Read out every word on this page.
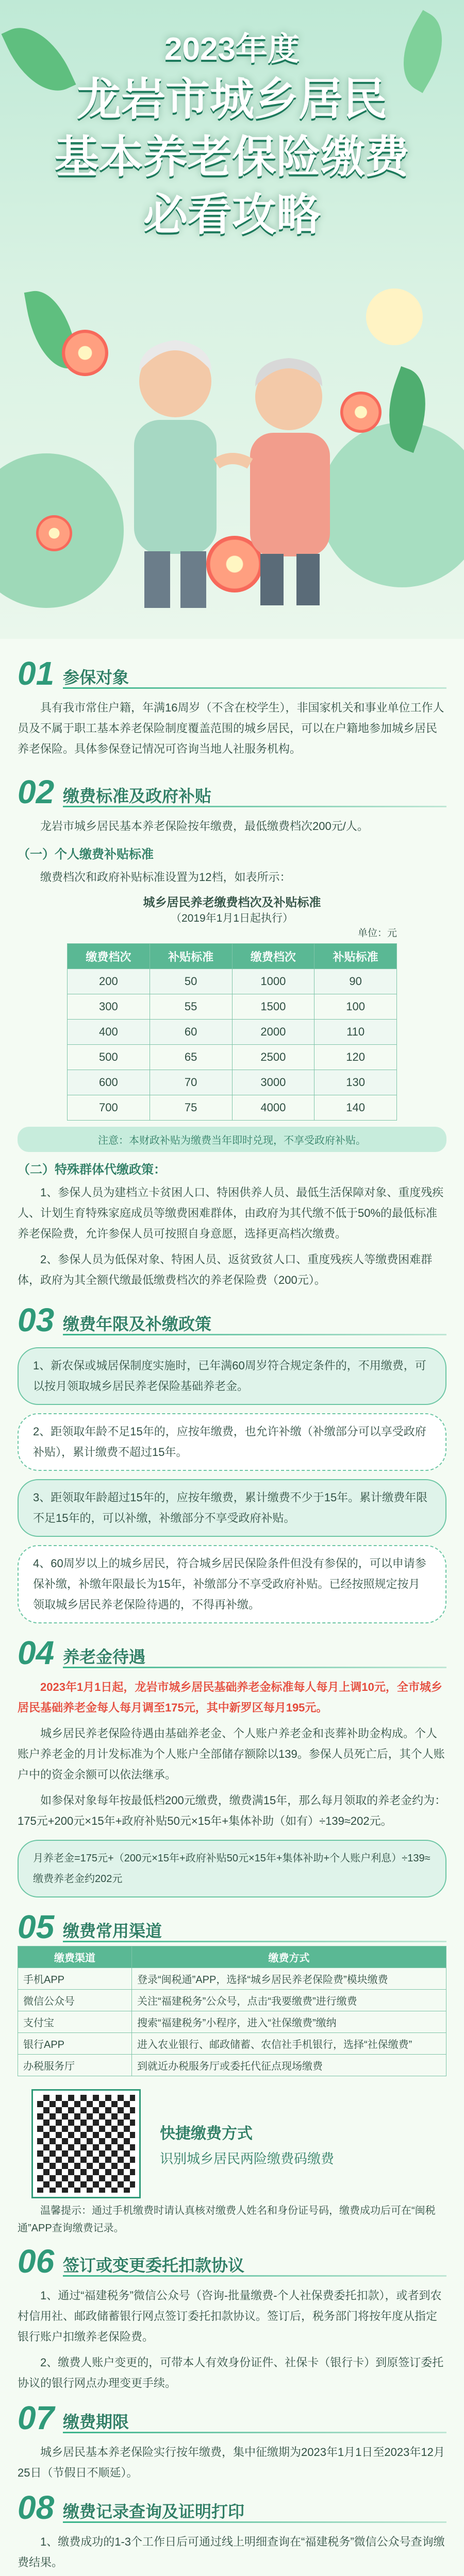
2023年度
龙岩市城乡居民
基本养老保险缴费
必看攻略
01 参保对象

具有我市常住户籍，年满16周岁（不含在校学生），非国家机关和事业单位工作人员及不属于职工基本养老保险制度覆盖范围的城乡居民，可以在户籍地参加城乡居民养老保险。具体参保登记情况可咨询当地人社服务机构。

02 缴费标准及政府补贴

龙岩市城乡居民基本养老保险按年缴费，最低缴费档次200元/人。

（一）个人缴费补贴标准

缴费档次和政府补贴标准设置为12档，如表所示：

城乡居民养老缴费档次及补贴标准
（2019年1月1日起执行）
单位：元
缴费档次	补贴标准	缴费档次	补贴标准
200	50	1000	90
300	55	1500	100
400	60	2000	110
500	65	2500	120
600	70	3000	130
700	75	4000	140
注意：本财政补贴为缴费当年即时兑现，不享受政府补贴。
（二）特殊群体代缴政策：

1、参保人员为建档立卡贫困人口、特困供养人员、最低生活保障对象、重度残疾人、计划生育特殊家庭成员等缴费困难群体，由政府为其代缴不低于50%的最低标准养老保险费，允许参保人员可按照自身意愿，选择更高档次缴费。

2、参保人员为低保对象、特困人员、返贫致贫人口、重度残疾人等缴费困难群体，政府为其全额代缴最低缴费档次的养老保险费（200元）。

03 缴费年限及补缴政策
1、新农保或城居保制度实施时，已年满60周岁符合规定条件的，不用缴费，可以按月领取城乡居民养老保险基础养老金。
2、距领取年龄不足15年的，应按年缴费，也允许补缴（补缴部分可以享受政府补贴），累计缴费不超过15年。
3、距领取年龄超过15年的，应按年缴费，累计缴费不少于15年。累计缴费年限不足15年的，可以补缴，补缴部分不享受政府补贴。
4、60周岁以上的城乡居民，符合城乡居民保险条件但没有参保的，可以申请参保补缴，补缴年限最长为15年，补缴部分不享受政府补贴。已经按照规定按月领取城乡居民养老保险待遇的，不得再补缴。
04 养老金待遇

2023年1月1日起，龙岩市城乡居民基础养老金标准每人每月上调10元，全市城乡居民基础养老金每人每月调至175元，其中新罗区每月195元。

城乡居民养老保险待遇由基础养老金、个人账户养老金和丧葬补助金构成。个人账户养老金的月计发标准为个人账户全部储存额除以139。参保人员死亡后，其个人账户中的资金余额可以依法继承。

如参保对象每年按最低档200元缴费，缴费满15年，那么每月领取的养老金约为：175元+200元×15年+政府补贴50元×15年+集体补助（如有）÷139≈202元。

月养老金=175元+（200元×15年+政府补贴50元×15年+集体补助+个人账户利息）÷139≈缴费养老金约202元
05 缴费常用渠道
缴费渠道	缴费方式
手机APP	登录“闽税通”APP，选择“城乡居民养老保险费”模块缴费
微信公众号	关注“福建税务”公众号，点击“我要缴费”进行缴费
支付宝	搜索“福建税务”小程序，进入“社保缴费”缴纳
银行APP	进入农业银行、邮政储蓄、农信社手机银行，选择“社保缴费”
办税服务厅	到就近办税服务厅或委托代征点现场缴费
快捷缴费方式
识别城乡居民两险缴费码缴费

温馨提示：通过手机缴费时请认真核对缴费人姓名和身份证号码，缴费成功后可在“闽税通”APP查询缴费记录。

06 签订或变更委托扣款协议

1、通过“福建税务”微信公众号（咨询-批量缴费-个人社保费委托扣款），或者到农村信用社、邮政储蓄银行网点签订委托扣款协议。签订后，税务部门将按年度从指定银行账户扣缴养老保险费。

2、缴费人账户变更的，可带本人有效身份证件、社保卡（银行卡）到原签订委托协议的银行网点办理变更手续。

07 缴费期限

城乡居民基本养老保险实行按年缴费，集中征缴期为2023年1月1日至2023年12月25日（节假日不顺延）。

08 缴费记录查询及证明打印

1、缴费成功的1-3个工作日后可通过线上明细查询在“福建税务”微信公众号查询缴费结果。
